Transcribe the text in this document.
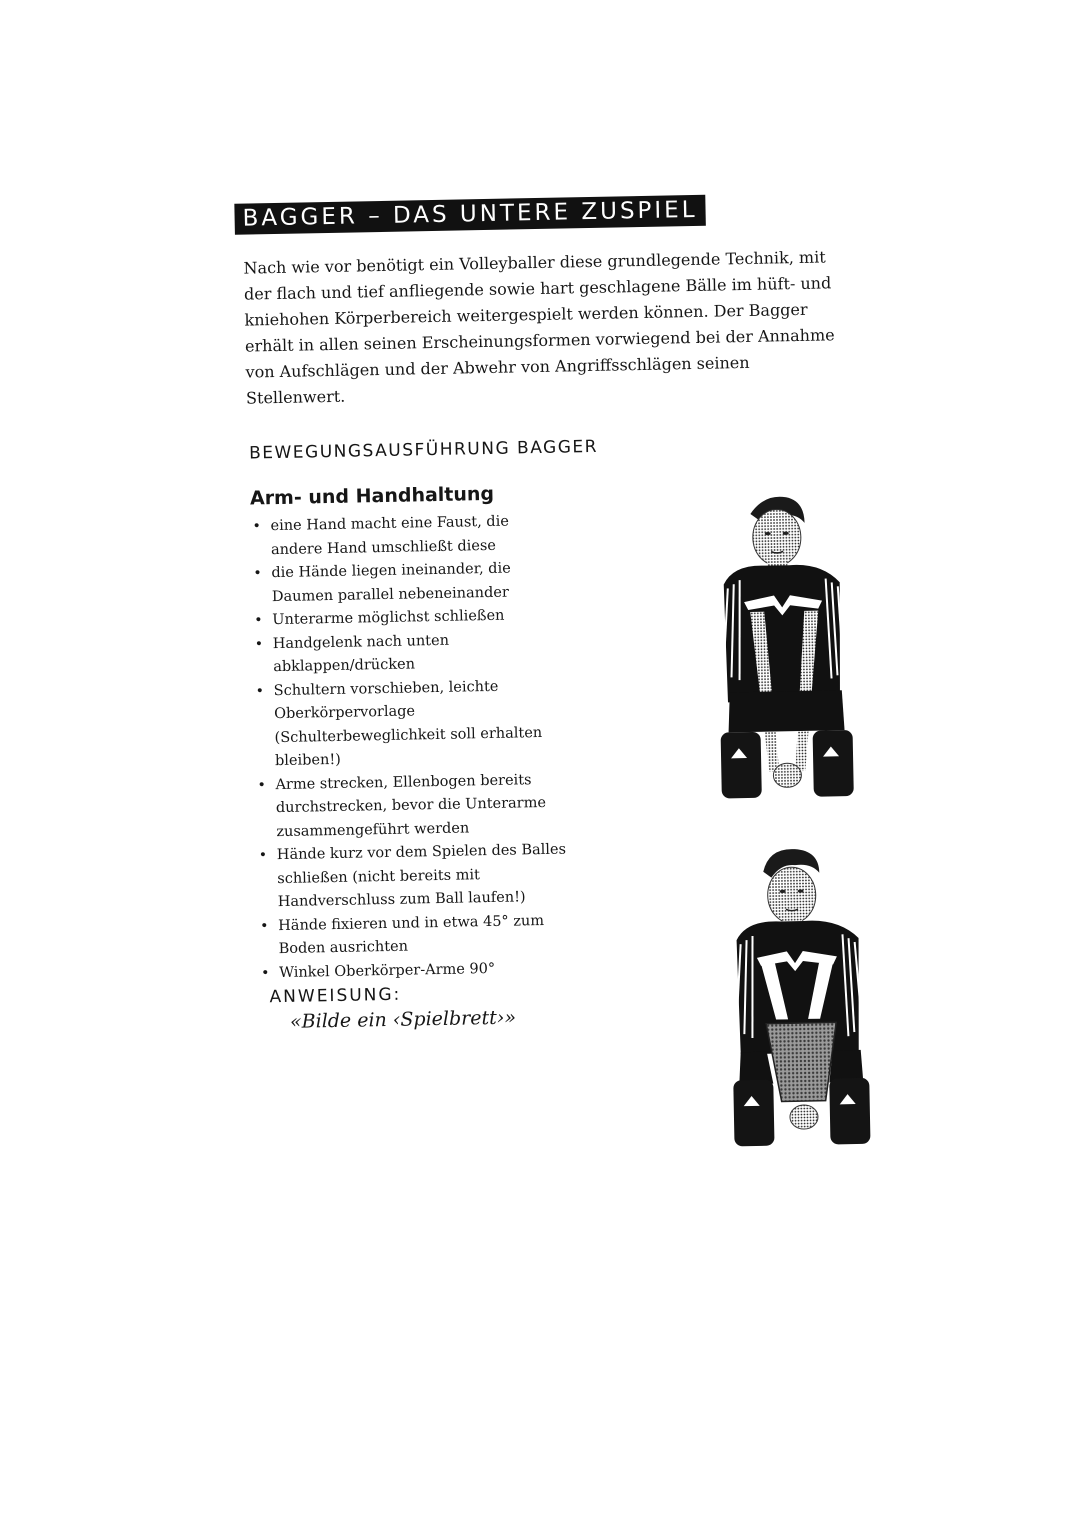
BAGGER – DAS UNTERE ZUSPIEL

Nach wie vor benötigt ein Volleyballer diese grundlegende Technik, mit der flach und tief anfliegende sowie hart geschlagene Bälle im hüft- und kniehohen Körperbereich weitergespielt werden können. Der Bagger erhält in allen seinen Erscheinungsformen vorwiegend bei der Annahme von Aufschlägen und der Abwehr von Angriffsschlägen seinen Stellenwert.

BEWEGUNGSAUSFÜHRUNG BAGGER
Arm- und Handhaltung
• eine Hand macht eine Faust, die andere Hand umschließt diese
• die Hände liegen ineinander, die Daumen parallel nebeneinander
• Unterarme möglichst schließen
• Handgelenk nach unten abklappen/drücken
• Schultern vorschieben, leichte Oberkörpervorlage (Schulterbeweglichkeit soll erhalten bleiben!)
• Arme strecken, Ellenbogen bereits durchstrecken, bevor die Unterarme zusammengeführt werden
• Hände kurz vor dem Spielen des Balles schließen (nicht bereits mit Handverschluss zum Ball laufen!)
• Hände fixieren und in etwa 45° zum Boden ausrichten
• Winkel Oberkörper-Arme 90°

ANWEISUNG:

«Bilde ein ‹Spielbrett›»
